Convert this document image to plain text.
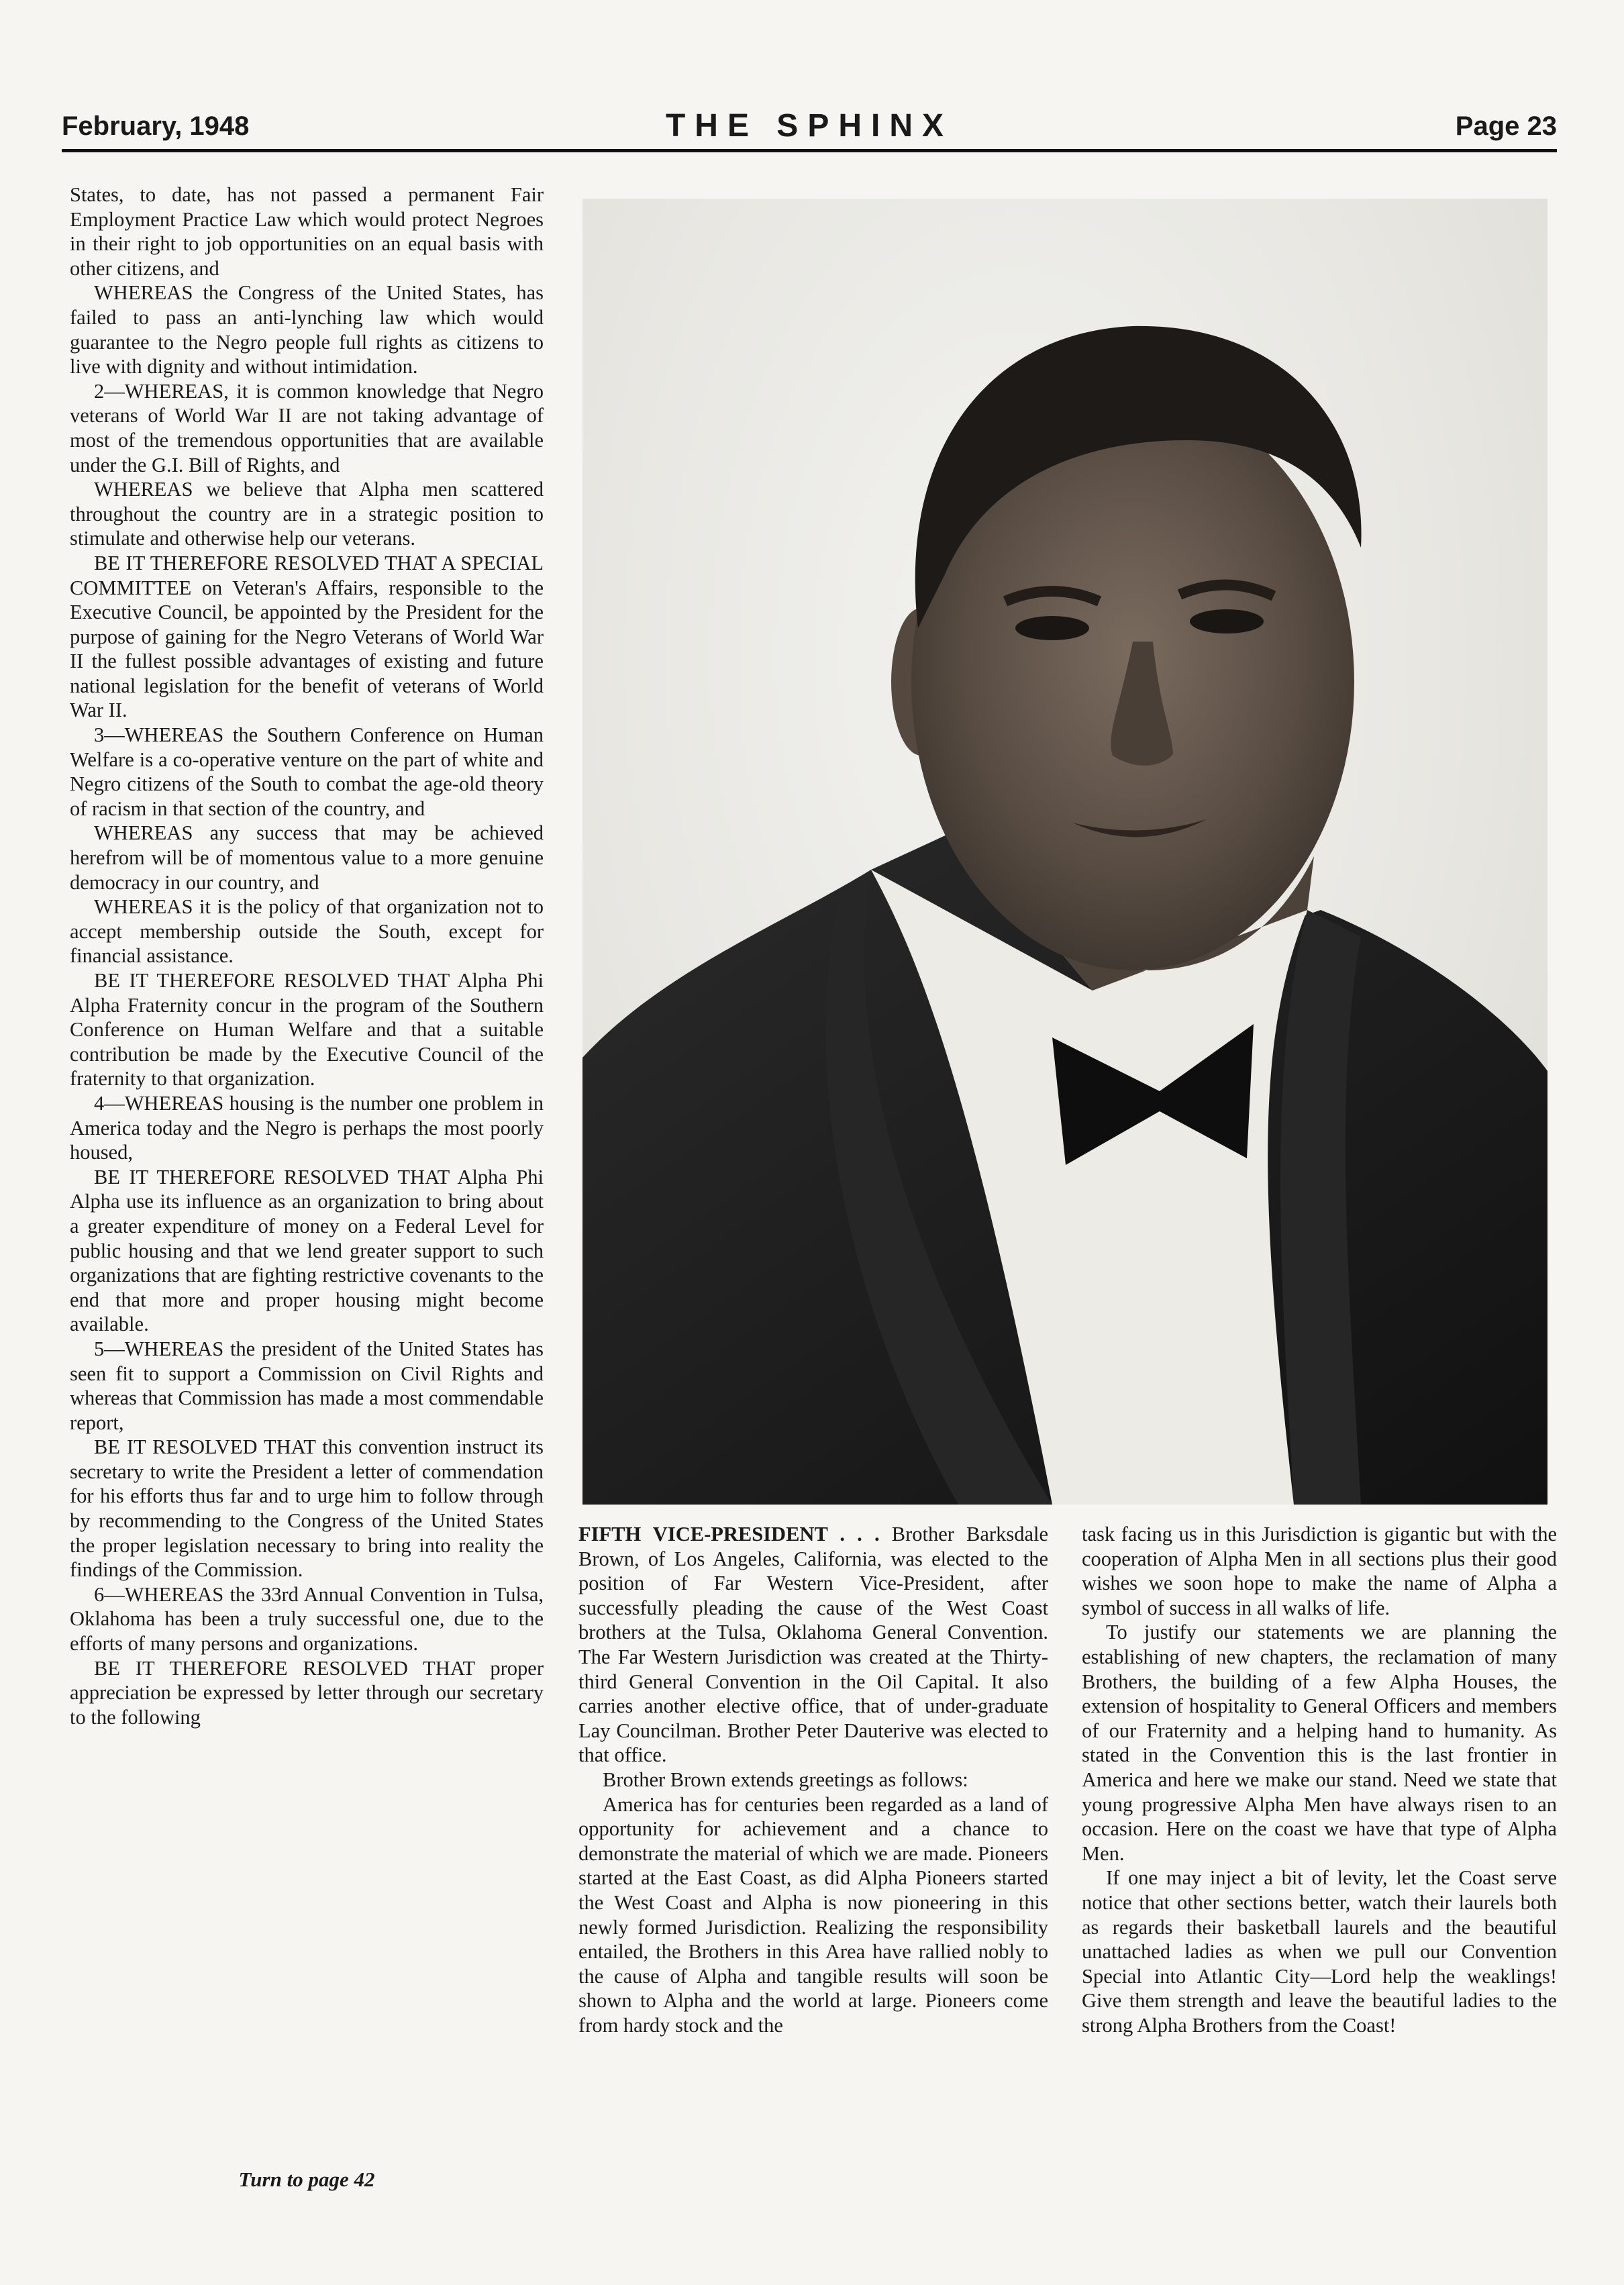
February, 1948	THE SPHINX	Page 23

States, to date, has not passed a permanent Fair Employment Practice Law which would protect Negroes in their right to job opportunities on an equal basis with other citizens, and

WHEREAS the Congress of the United States, has failed to pass an anti-lynching law which would guarantee to the Negro people full rights as citizens to live with dignity and without intimidation.

2—WHEREAS, it is common knowledge that Negro veterans of World War II are not taking advantage of most of the tremendous opportunities that are available under the G.I. Bill of Rights, and

WHEREAS we believe that Alpha men scattered throughout the country are in a strategic position to stimulate and otherwise help our veterans.

BE IT THEREFORE RESOLVED THAT A SPECIAL COMMITTEE on Veteran's Affairs, responsible to the Executive Council, be appointed by the President for the purpose of gaining for the Negro Veterans of World War II the fullest possible advantages of existing and future national legislation for the benefit of veterans of World War II.

3—WHEREAS the Southern Conference on Human Welfare is a co-operative venture on the part of white and Negro citizens of the South to combat the age-old theory of racism in that section of the country, and

WHEREAS any success that may be achieved herefrom will be of momentous value to a more genuine democracy in our country, and

WHEREAS it is the policy of that organization not to accept membership outside the South, except for financial assistance.

BE IT THEREFORE RESOLVED THAT Alpha Phi Alpha Fraternity concur in the program of the Southern Conference on Human Welfare and that a suitable contribution be made by the Executive Council of the fraternity to that organization.

4—WHEREAS housing is the number one problem in America today and the Negro is perhaps the most poorly housed,

BE IT THEREFORE RESOLVED THAT Alpha Phi Alpha use its influence as an organization to bring about a greater expenditure of money on a Federal Level for public housing and that we lend greater support to such organizations that are fighting restrictive covenants to the end that more and proper housing might become available.

5—WHEREAS the president of the United States has seen fit to support a Commission on Civil Rights and whereas that Commission has made a most commendable report,

BE IT RESOLVED THAT this convention instruct its secretary to write the President a letter of commendation for his efforts thus far and to urge him to follow through by recommending to the Congress of the United States the proper legislation necessary to bring into reality the findings of the Commission.

6—WHEREAS the 33rd Annual Convention in Tulsa, Oklahoma has been a truly successful one, due to the efforts of many persons and organizations.

BE IT THEREFORE RESOLVED THAT proper appreciation be expressed by letter through our secretary to the following

Turn to page 42

FIFTH VICE-PRESIDENT . . . Brother Barksdale Brown, of Los Angeles, California, was elected to the position of Far Western Vice-President, after successfully pleading the cause of the West Coast brothers at the Tulsa, Oklahoma General Convention. The Far Western Jurisdiction was created at the Thirty-third General Convention in the Oil Capital. It also carries another elective office, that of under-graduate Lay Councilman. Brother Peter Dauterive was elected to that office.

Brother Brown extends greetings as follows:

America has for centuries been regarded as a land of opportunity for achievement and a chance to demonstrate the material of which we are made. Pioneers started at the East Coast, as did Alpha Pioneers started the West Coast and Alpha is now pioneering in this newly formed Jurisdiction. Realizing the responsibility entailed, the Brothers in this Area have rallied nobly to the cause of Alpha and tangible results will soon be shown to Alpha and the world at large. Pioneers come from hardy stock and the

task facing us in this Jurisdiction is gigantic but with the cooperation of Alpha Men in all sections plus their good wishes we soon hope to make the name of Alpha a symbol of success in all walks of life.

To justify our statements we are planning the establishing of new chapters, the reclamation of many Brothers, the building of a few Alpha Houses, the extension of hospitality to General Officers and members of our Fraternity and a helping hand to humanity. As stated in the Convention this is the last frontier in America and here we make our stand. Need we state that young progressive Alpha Men have always risen to an occasion. Here on the coast we have that type of Alpha Men.

If one may inject a bit of levity, let the Coast serve notice that other sections better, watch their laurels both as regards their basketball laurels and the beautiful unattached ladies as when we pull our Convention Special into Atlantic City—Lord help the weaklings! Give them strength and leave the beautiful ladies to the strong Alpha Brothers from the Coast!
